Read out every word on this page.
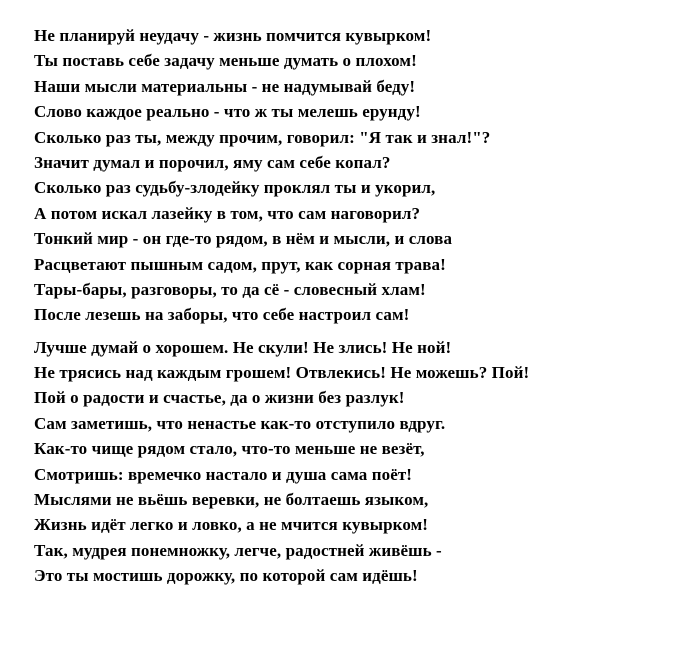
Не планируй неудачу - жизнь помчится кувырком!
Ты поставь себе задачу меньше думать о плохом!
Наши мысли материальны - не надумывай беду!
Слово каждое реально - что ж ты мелешь ерунду!
Сколько раз ты, между прочим, говорил: "Я так и знал!"?
Значит думал и порочил, яму сам себе копал?
Сколько раз судьбу-злодейку проклял ты и укорил,
А потом искал лазейку в том, что сам наговорил?
Тонкий мир - он где-то рядом, в нём и мысли, и слова
Расцветают пышным садом, прут, как сорная трава!
Тары-бары, разговоры, то да сё - словесный хлам!
После лезешь на заборы, что себе настроил сам!
Лучше думай о хорошем. Не скули! Не злись! Не ной!
Не трясись над каждым грошем! Отвлекись! Не можешь? Пой!
Пой о радости и счастье, да о жизни без разлук!
Сам заметишь, что ненастье как-то отступило вдруг.
Как-то чище рядом стало, что-то меньше не везёт,
Смотришь: времечко настало и душа сама поёт!
Мыслями не вьёшь веревки, не болтаешь языком,
Жизнь идёт легко и ловко, а не мчится кувырком!
Так, мудрея понемножку, легче, радостней живёшь -
Это ты мостишь дорожку, по которой сам идёшь!
